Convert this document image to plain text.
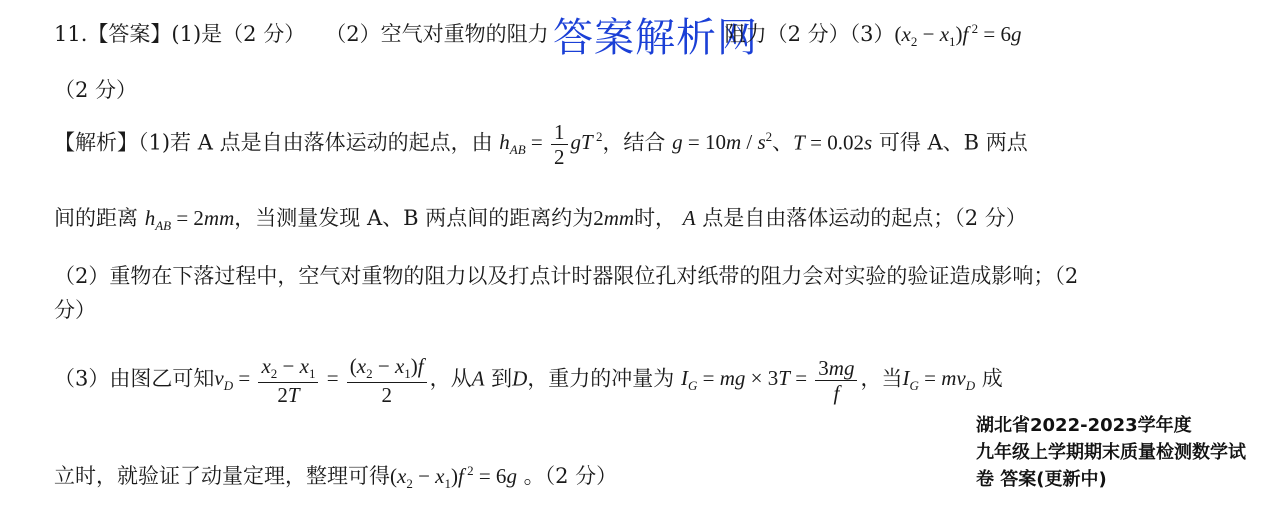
答案解析网
湖北省2022-2023学年度
九年级上学期期末质量检测数学试
卷 答案(更新中)
11.【答案】(1)是（2 分） （2）空气对重物的阻力	阻力（2 分）$(3)(x_2 - x_1)f$ $^2$ = 6g
（2 分）
【解析】（1)若 A 点是自由落体运动的起点，由 $h_{AB} = \frac{1}{2}$ gT $^2$，结合 $g = 10m / s^2$、T = 0.02s 可得 A、B 两点
间的距离 $h_{AB} = 2mm$，当测量发现 A、B 两点间的距离约为2mm时， A 点是自由落体运动的起点；（2 分）
（2）重物在下落过程中，空气对重物的阻力以及打点计时器限位孔对纸带的阻力会对实验的验证造成影响；（2
分）
（3）由图乙可知$v_D = \frac{x_2 - x_1}{2T} = \frac{(x_2 - x_1)f}{2}$ ，从A 到D，重力的冲量为 $I_G$ = mg × $3T = \frac{3mg}{f}$ ，当$I_G = mv_D$ 成
立时，就验证了动量定理，整理可得$(x_2 - x_1)f$ $^2$ = 6g 。（2 分）
